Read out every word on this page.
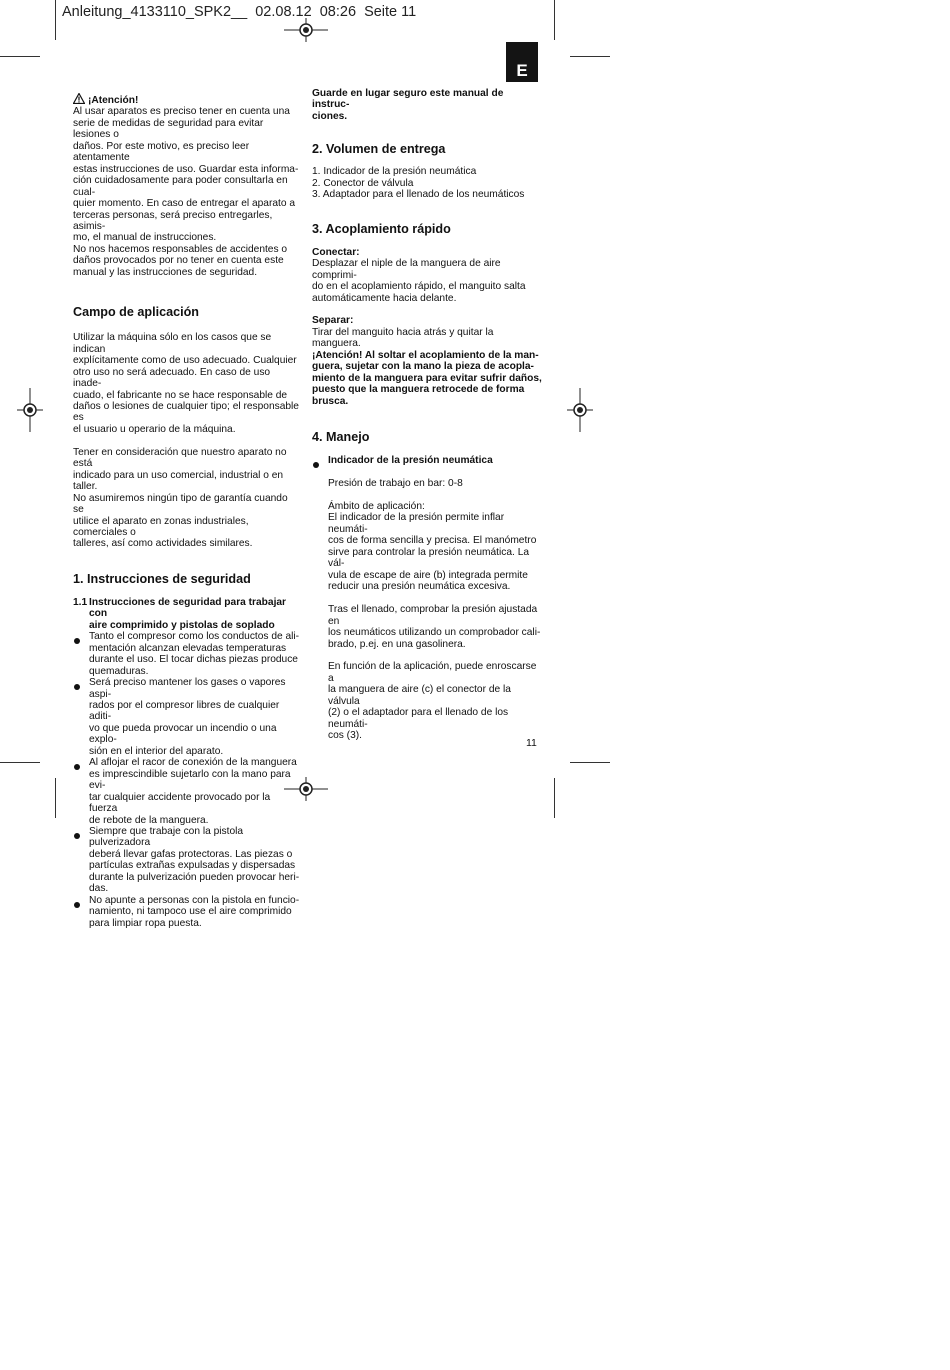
Anleitung_4133110_SPK2__  02.08.12  08:26  Seite 11
E

¡Atención!

Al usar aparatos es preciso tener en cuenta una

serie de medidas de seguridad para evitar lesiones o

daños. Por este motivo, es preciso leer atentamente

estas instrucciones de uso. Guardar esta informa-

ción cuidadosamente para poder consultarla en cual-

quier momento. En caso de entregar el aparato a

terceras personas, será preciso entregarles, asimis-

mo, el manual de instrucciones.

No nos hacemos responsables de accidentes o

daños provocados por no tener en cuenta este

manual y las instrucciones de seguridad.

Campo de aplicación

Utilizar la máquina sólo en los casos que se indican

explícitamente como de uso adecuado. Cualquier

otro uso no será adecuado. En caso de uso inade-

cuado, el fabricante no se hace responsable de

daños o lesiones de cualquier tipo; el responsable es

el usuario u operario de la máquina.

Tener en consideración que nuestro aparato no está

indicado para un uso comercial, industrial o en taller.

No asumiremos ningún tipo de garantía cuando se

utilice el aparato en zonas industriales, comerciales o

talleres, así como actividades similares.

1. Instrucciones de seguridad

1.1 Instrucciones de seguridad para trabajar con

aire comprimido y pistolas de soplado

Tanto el compresor como los conductos de ali-

mentación alcanzan elevadas temperaturas

durante el uso. El tocar dichas piezas produce

quemaduras.

Será preciso mantener los gases o vapores aspi-

rados por el compresor libres de cualquier aditi-

vo que pueda provocar un incendio o una explo-

sión en el interior del aparato.

Al aflojar el racor de conexión de la manguera

es imprescindible sujetarlo con la mano para evi-

tar cualquier accidente provocado por la fuerza

de rebote de la manguera.

Siempre que trabaje con la pistola pulverizadora

deberá llevar gafas protectoras. Las piezas o

partículas extrañas expulsadas y dispersadas

durante la pulverización pueden provocar heri-

das.

No apunte a personas con la pistola en funcio-

namiento, ni tampoco use el aire comprimido

para limpiar ropa puesta.

Guarde en lugar seguro este manual de instruc-

ciones.

2. Volumen de entrega

1. Indicador de la presión neumática

2. Conector de válvula

3. Adaptador para el llenado de los neumáticos

3. Acoplamiento rápido

Conectar:

Desplazar el niple de la manguera de aire comprimi-

do en el acoplamiento rápido, el manguito salta

automáticamente hacia delante.

Separar:

Tirar del manguito hacia atrás y quitar la manguera.

¡Atención! Al soltar el acoplamiento de la man-

guera, sujetar con la mano la pieza de acopla-

miento de la manguera para evitar sufrir daños,

puesto que la manguera retrocede de forma

brusca.

4. Manejo

Indicador de la presión neumática

Presión de trabajo en bar: 0-8

Ámbito de aplicación:

El indicador de la presión permite inflar neumáti-

cos de forma sencilla y precisa. El manómetro

sirve para controlar la presión neumática. La vál-

vula de escape de aire (b) integrada permite

reducir una presión neumática excesiva.

Tras el llenado, comprobar la presión ajustada en

los neumáticos utilizando un comprobador cali-

brado, p.ej. en una gasolinera.

En función de la aplicación, puede enroscarse a

la manguera de aire (c) el conector de la válvula

(2) o el adaptador para el llenado de los neumáti-

cos (3).

11
